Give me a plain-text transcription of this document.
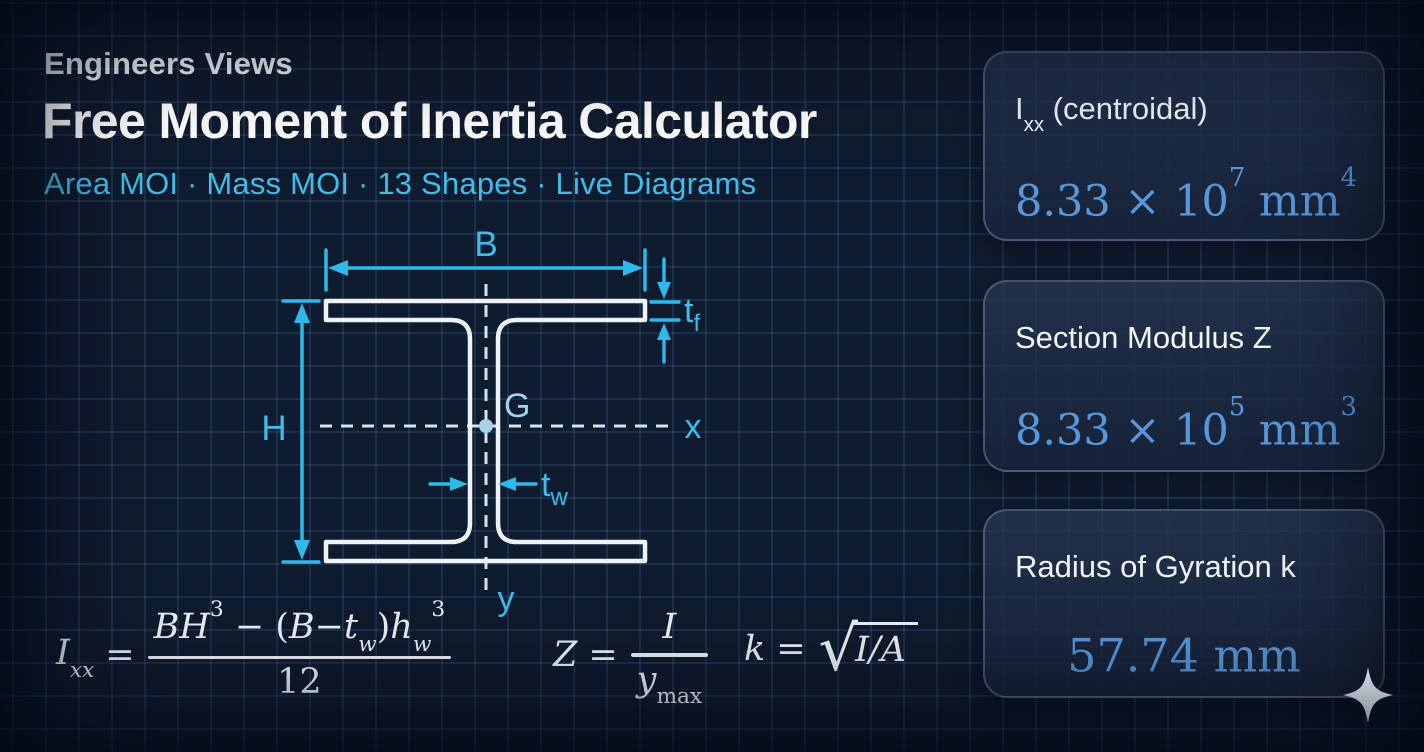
Engineers Views
Free Moment of Inertia Calculator
Area MOI · Mass MOI · 13 Shapes · Live Diagrams
B
H
$t_f$
$t_w$
G
x
y
$I_{xx} = \frac{BH^3 - (B-t_w)h_w^3}{12}$	$Z = \frac{I}{y_{max}}$ k = √
I/A
$I_{xx}$ (centroidal)
$8.33 \times 10^7$ $mm^4$
Section Modulus Z
$8.33 \times 10^5$ $mm^3$
Radius of Gyration k
57.74 mm
